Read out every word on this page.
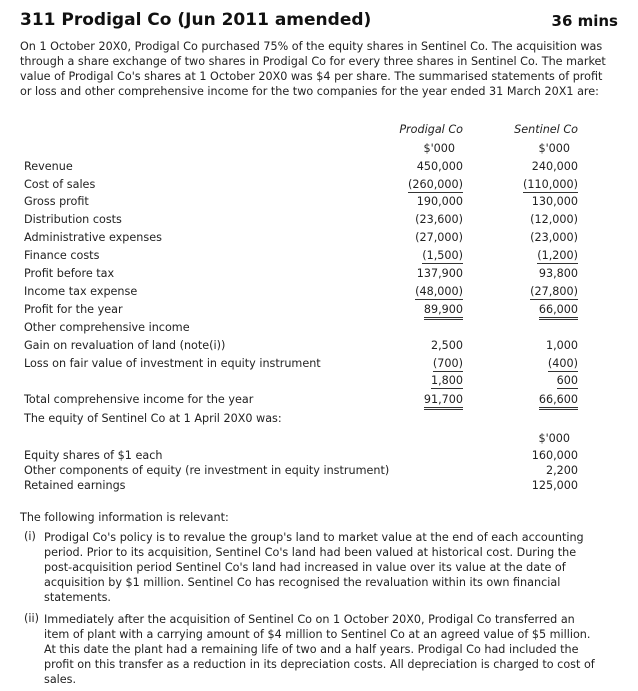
311 Prodigal Co (Jun 2011 amended)	36 mins
On 1 October 20X0, Prodigal Co purchased 75% of the equity shares in Sentinel Co. The acquisition was through a share exchange of two shares in Prodigal Co for every three shares in Sentinel Co. The market value of Prodigal Co's shares at 1 October 20X0 was $4 per share. The summarised statements of profit or loss and other comprehensive income for the two companies for the year ended 31 March 20X1 are:
Prodigal Co	Sentinel Co
$'000	$'000
Revenue	450,000	240,000
Cost of sales	(260,000)	(110,000)
Gross profit	190,000	130,000
Distribution costs	(23,600)	(12,000)
Administrative expenses	(27,000)	(23,000)
Finance costs	(1,500)	(1,200)
Profit before tax	137,900	93,800
Income tax expense	(48,000)	(27,800)
Profit for the year	89,900	66,000
Other comprehensive income
Gain on revaluation of land (note(i))	2,500	1,000
Loss on fair value of investment in equity instrument	(700)	(400)
1,800	600
Total comprehensive income for the year	91,700	66,600
The equity of Sentinel Co at 1 April 20X0 was:
$'000
Equity shares of $1 each	160,000
Other components of equity (re investment in equity instrument)	2,200
Retained earnings	125,000
The following information is relevant:
(i) Prodigal Co's policy is to revalue the group's land to market value at the end of each accounting period. Prior to its acquisition, Sentinel Co's land had been valued at historical cost. During the post-acquisition period Sentinel Co's land had increased in value over its value at the date of acquisition by $1 million. Sentinel Co has recognised the revaluation within its own financial statements.
(ii) Immediately after the acquisition of Sentinel Co on 1 October 20X0, Prodigal Co transferred an item of plant with a carrying amount of $4 million to Sentinel Co at an agreed value of $5 million. At this date the plant had a remaining life of two and a half years. Prodigal Co had included the profit on this transfer as a reduction in its depreciation costs. All depreciation is charged to cost of sales.
